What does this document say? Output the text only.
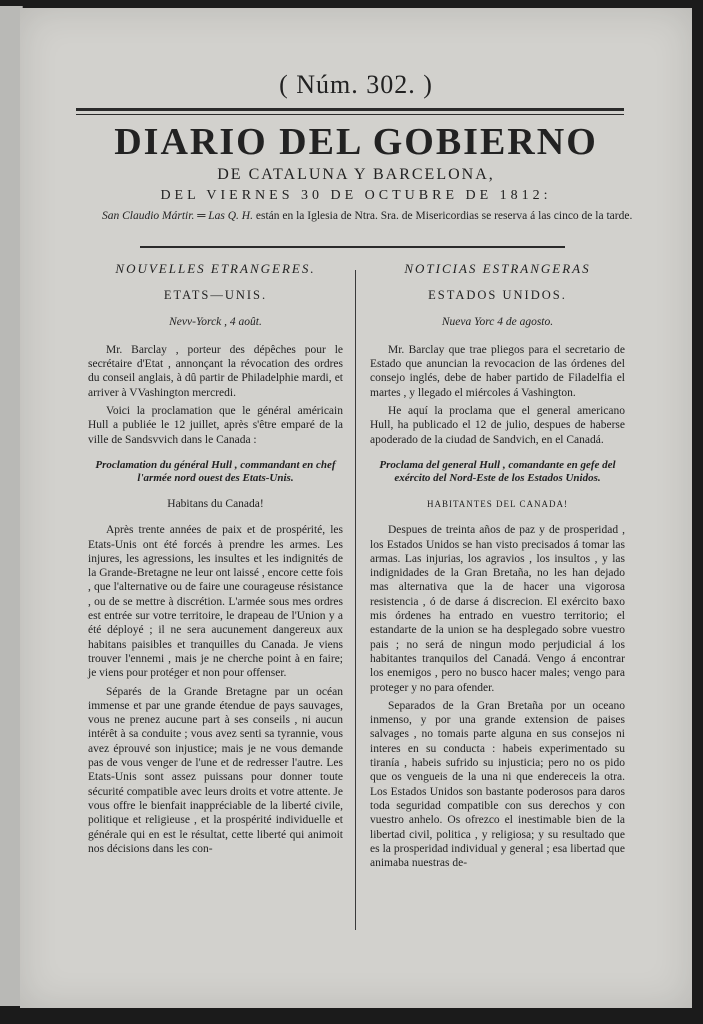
( Núm. 302. )
DIARIO DEL GOBIERNO
DE CATALUNA Y BARCELONA,
DEL VIERNES 30 DE OCTUBRE DE 1812:
San Claudio Mártir. ═ Las Q. H. están en la Iglesia de Ntra. Sra. de Misericordias se reserva á las cinco de la tarde.
NOUVELLES ETRANGERES.
ETATS—UNIS.
Nevv-Yorck , 4 août.

Mr. Barclay , porteur des dépêches pour le secrétaire d'Etat , annonçant la révocation des ordres du conseil anglais, à dû partir de Philadelphie mardi, et arriver à VVashington mercredi.

Voici la proclamation que le général américain Hull a publiée le 12 juillet, après s'être emparé de la ville de Sandsvvich dans le Canada :

Proclamation du général Hull , commandant en chef l'armée nord ouest des Etats-Unis.
Habitans du Canada!

Après trente années de paix et de prospérité, les Etats-Unis ont été forcés à prendre les armes. Les injures, les agressions, les insultes et les indignités de la Grande-Bretagne ne leur ont laissé , encore cette fois , que l'alternative ou de faire une courageuse résistance , ou de se mettre à discrétion. L'armée sous mes ordres est entrée sur votre territoire, le drapeau de l'Union y a été déployé ; il ne sera aucunement dangereux aux habitans paisibles et tranquilles du Canada. Je viens trouver l'ennemi , mais je ne cherche point à en faire; je viens pour protéger et non pour offenser.

Séparés de la Grande Bretagne par un océan immense et par une grande étendue de pays sauvages, vous ne prenez aucune part à ses conseils , ni aucun intérêt à sa conduite ; vous avez senti sa tyrannie, vous avez éprouvé son injustice; mais je ne vous demande pas de vous venger de l'une et de redresser l'autre. Les Etats-Unis sont assez puissans pour donner toute sécurité compatible avec leurs droits et votre attente. Je vous offre le bienfait inappréciable de la liberté civile, politique et religieuse , et la prospérité individuelle et générale qui en est le résultat, cette liberté qui animoit nos décisions dans les con-

NOTICIAS ESTRANGERAS
ESTADOS UNIDOS.
Nueva Yorc 4 de agosto.

Mr. Barclay que trae pliegos para el secretario de Estado que anuncian la revocacion de las órdenes del consejo inglés, debe de haber partido de Filadelfia el martes , y llegado el miércoles á Vashington.

He aquí la proclama que el general americano Hull, ha publicado el 12 de julio, despues de haberse apoderado de la ciudad de Sandvich, en el Canadá.

Proclama del general Hull , comandante en gefe del exército del Nord-Este de los Estados Unidos.
HABITANTES DEL CANADA!

Despues de treinta años de paz y de prosperidad , los Estados Unidos se han visto precisados á tomar las armas. Las injurias, los agravios , los insultos , y las indignidades de la Gran Bretaña, no les han dejado mas alternativa que la de hacer una vigorosa resistencia , ó de darse á discrecion. El exército baxo mis órdenes ha entrado en vuestro territorio; el estandarte de la union se ha desplegado sobre vuestro pais ; no será de ningun modo perjudicial á los habitantes tranquilos del Canadá. Vengo á encontrar los enemigos , pero no busco hacer males; vengo para proteger y no para ofender.

Separados de la Gran Bretaña por un oceano inmenso, y por una grande extension de paises salvages , no tomais parte alguna en sus consejos ni interes en su conducta : habeis experimentado su tiranía , habeis sufrido su injusticia; pero no os pido que os vengueis de la una ni que endereceis la otra. Los Estados Unidos son bastante poderosos para daros toda seguridad compatible con sus derechos y con vuestro anhelo. Os ofrezco el inestimable bien de la libertad civil, politica , y religiosa; y su resultado que es la prosperidad individual y general ; esa libertad que animaba nuestras de-
